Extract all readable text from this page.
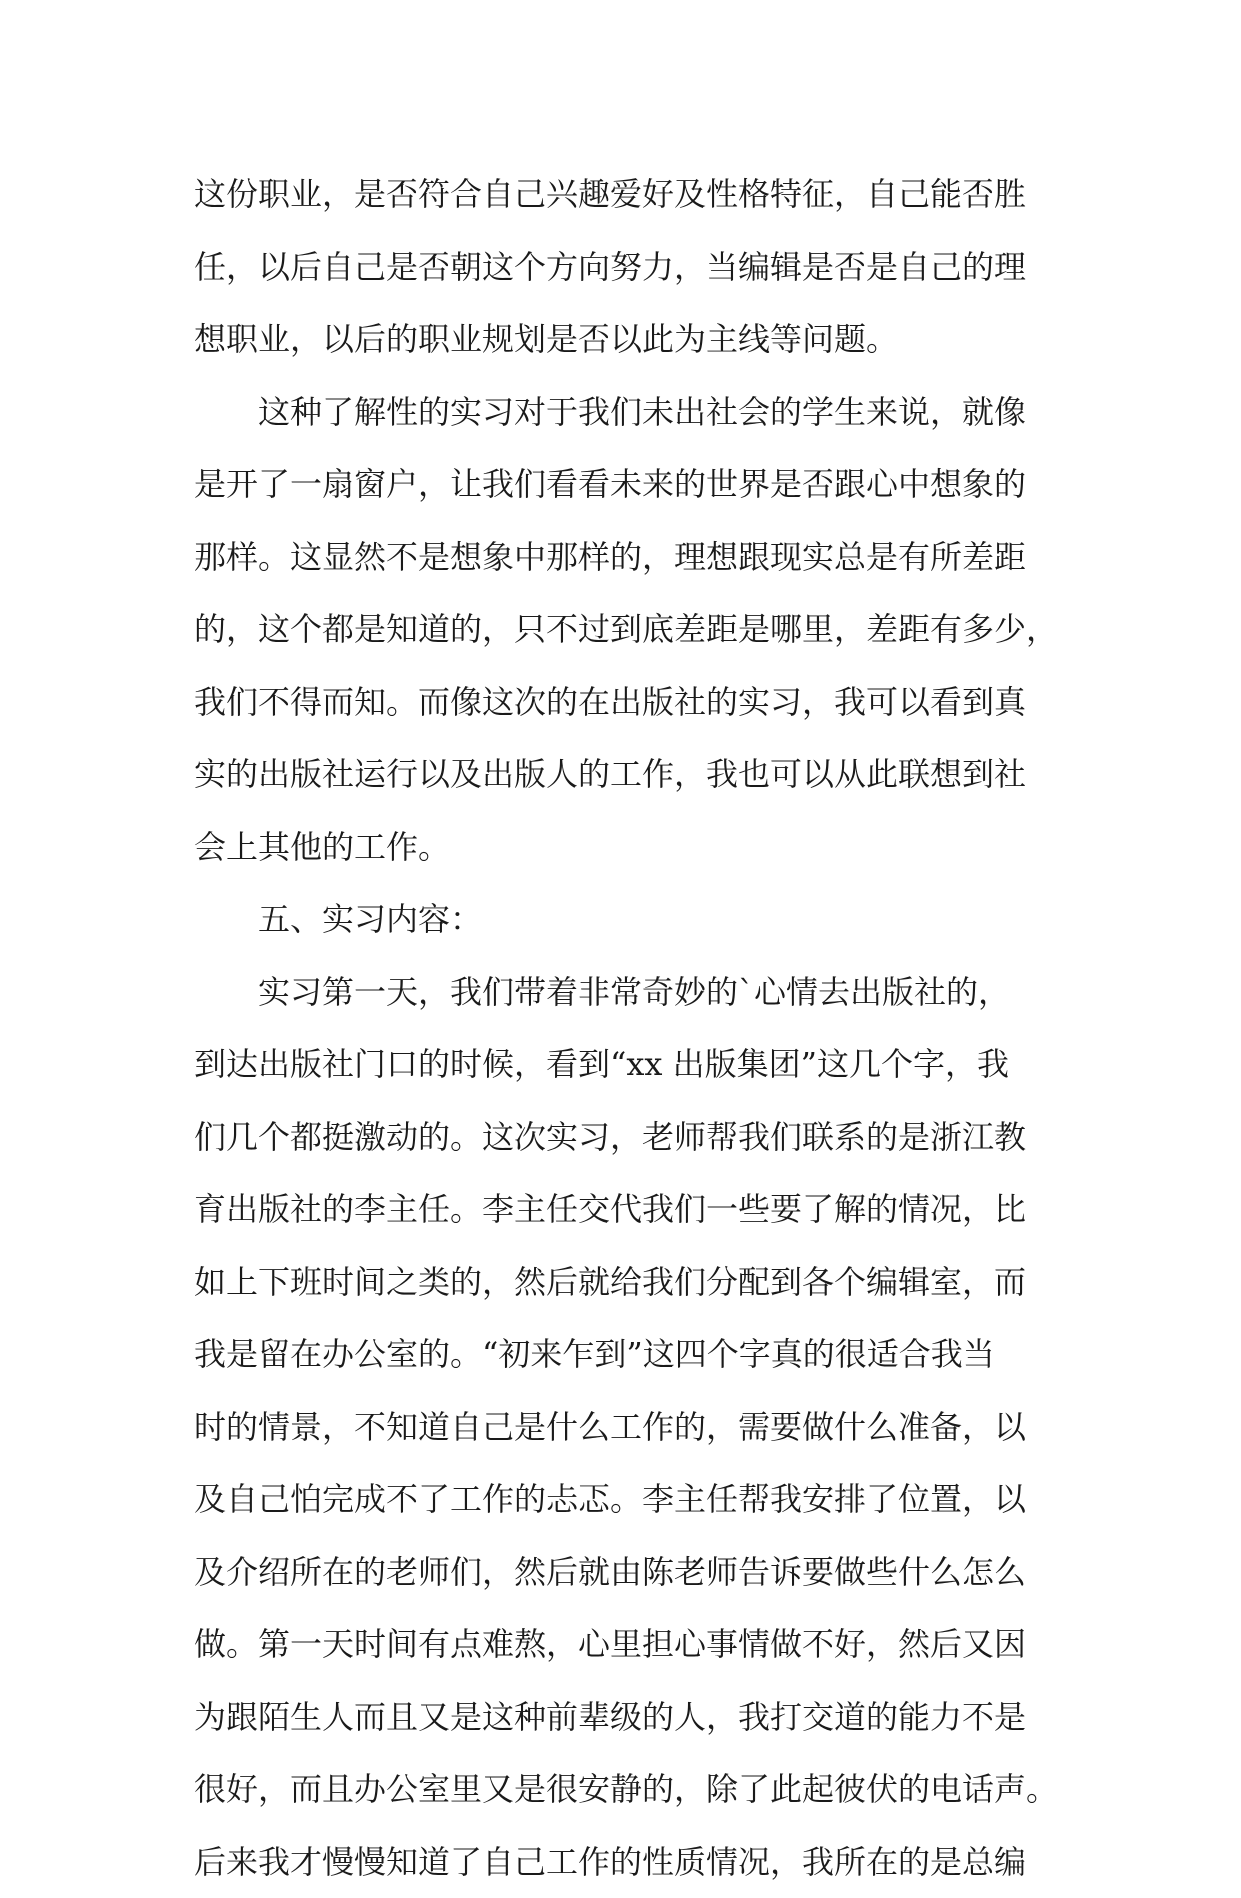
这份职业，是否符合自己兴趣爱好及性格特征，自己能否胜
任，以后自己是否朝这个方向努力，当编辑是否是自己的理
想职业，以后的职业规划是否以此为主线等问题。
这种了解性的实习对于我们未出社会的学生来说，就像
是开了一扇窗户，让我们看看未来的世界是否跟心中想象的
那样。这显然不是想象中那样的，理想跟现实总是有所差距
的，这个都是知道的，只不过到底差距是哪里，差距有多少，
我们不得而知。而像这次的在出版社的实习，我可以看到真
实的出版社运行以及出版人的工作，我也可以从此联想到社
会上其他的工作。
五、实习内容：
实习第一天，我们带着非常奇妙的`心情去出版社的，
到达出版社门口的时候，看到“xx 出版集团”这几个字，我
们几个都挺激动的。这次实习，老师帮我们联系的是浙江教
育出版社的李主任。李主任交代我们一些要了解的情况，比
如上下班时间之类的，然后就给我们分配到各个编辑室，而
我是留在办公室的。“初来乍到”这四个字真的很适合我当
时的情景，不知道自己是什么工作的，需要做什么准备，以
及自己怕完成不了工作的忐忑。李主任帮我安排了位置，以
及介绍所在的老师们，然后就由陈老师告诉要做些什么怎么
做。第一天时间有点难熬，心里担心事情做不好，然后又因
为跟陌生人而且又是这种前辈级的人，我打交道的能力不是
很好，而且办公室里又是很安静的，除了此起彼伏的电话声。
后来我才慢慢知道了自己工作的性质情况，我所在的是总编
